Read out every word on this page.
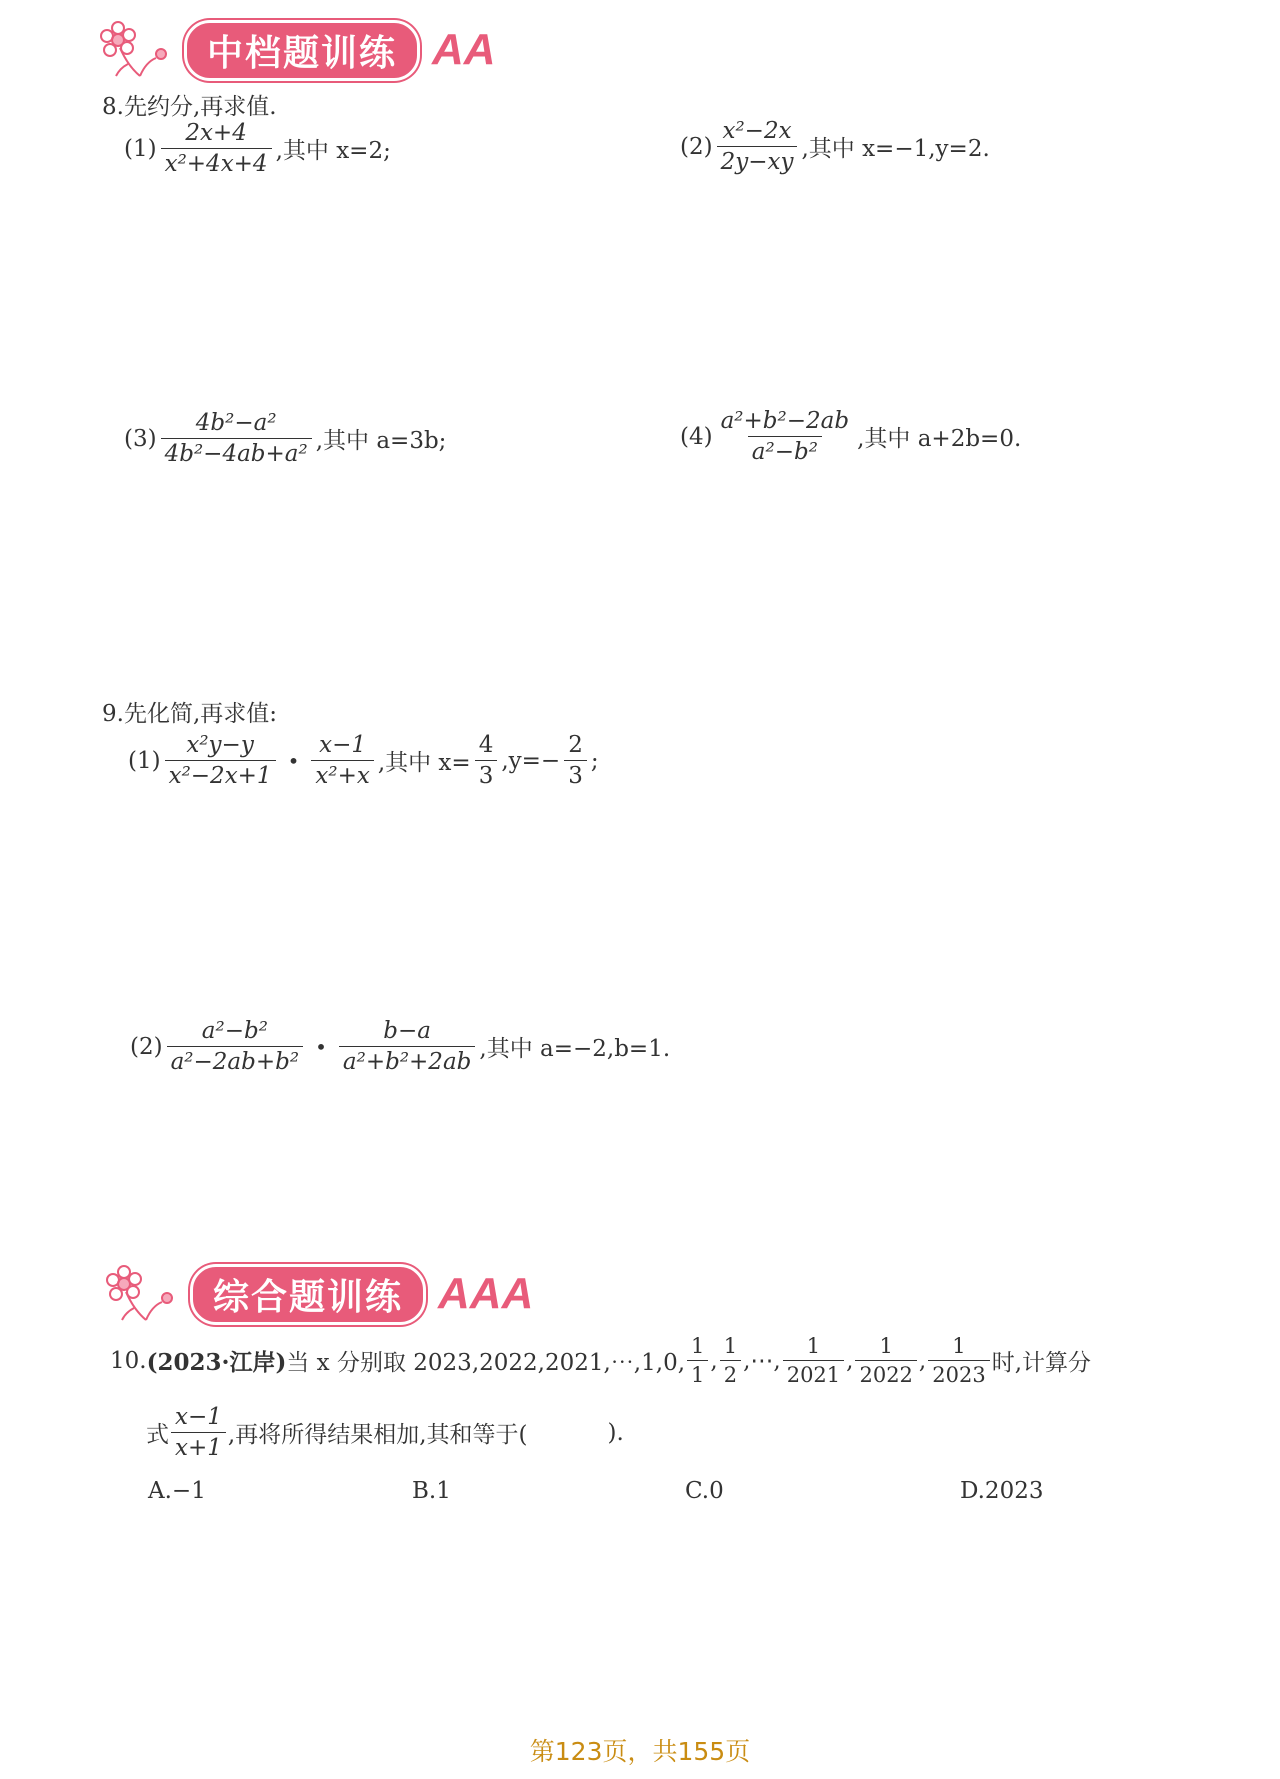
中档题训练 AA
8.先约分,再求值.
$(1) \frac{2x+4}{\text{x²+4x+4}}$ ,其中 x=2;	$(2) \frac{\text{x²−2x}}{2y-xy}$ ,其中 x=−1,y=2.
$(3) \frac{\text{4b²−a²}}{\text{4b²−4ab+a²}}$ ,其中 a=3b;	$(4) \frac{\text{a²+b²−2ab}}{\text{a²−b²}}$ ,其中 a+2b=0.
9.先化简,再求值:
$(1) \frac{\text{x²y−y}}{\text{x²−2x+1}}$ • $\frac{x-1}{\text{x²+x}}$ ,其中 $x= \frac{4}{3} ,y=- \frac{2}{3}$ ;
$(2) \frac{\text{a²−b²}}{\text{a²−2ab+b²}}$ • $\frac{b-a}{\text{a²+b²+2ab}}$ ,其中 a=−2,b=1.
综合题训练 AAA
10. (2023·江岸) 当 x 分别取 2023,2022,2021,⋯,1,0, $\frac{1}{1}$ , $\frac{1}{2}$ ,⋯, $\frac{1}{2021}$ , $\frac{1}{2022}$ , $\frac{1}{2023}$ 时,计算分
式 $\frac{x-1}{x+1}$ ,再将所得结果相加,其和等于(	).
A.−1	B.1	C.0	D.2023
第123页，共155页
